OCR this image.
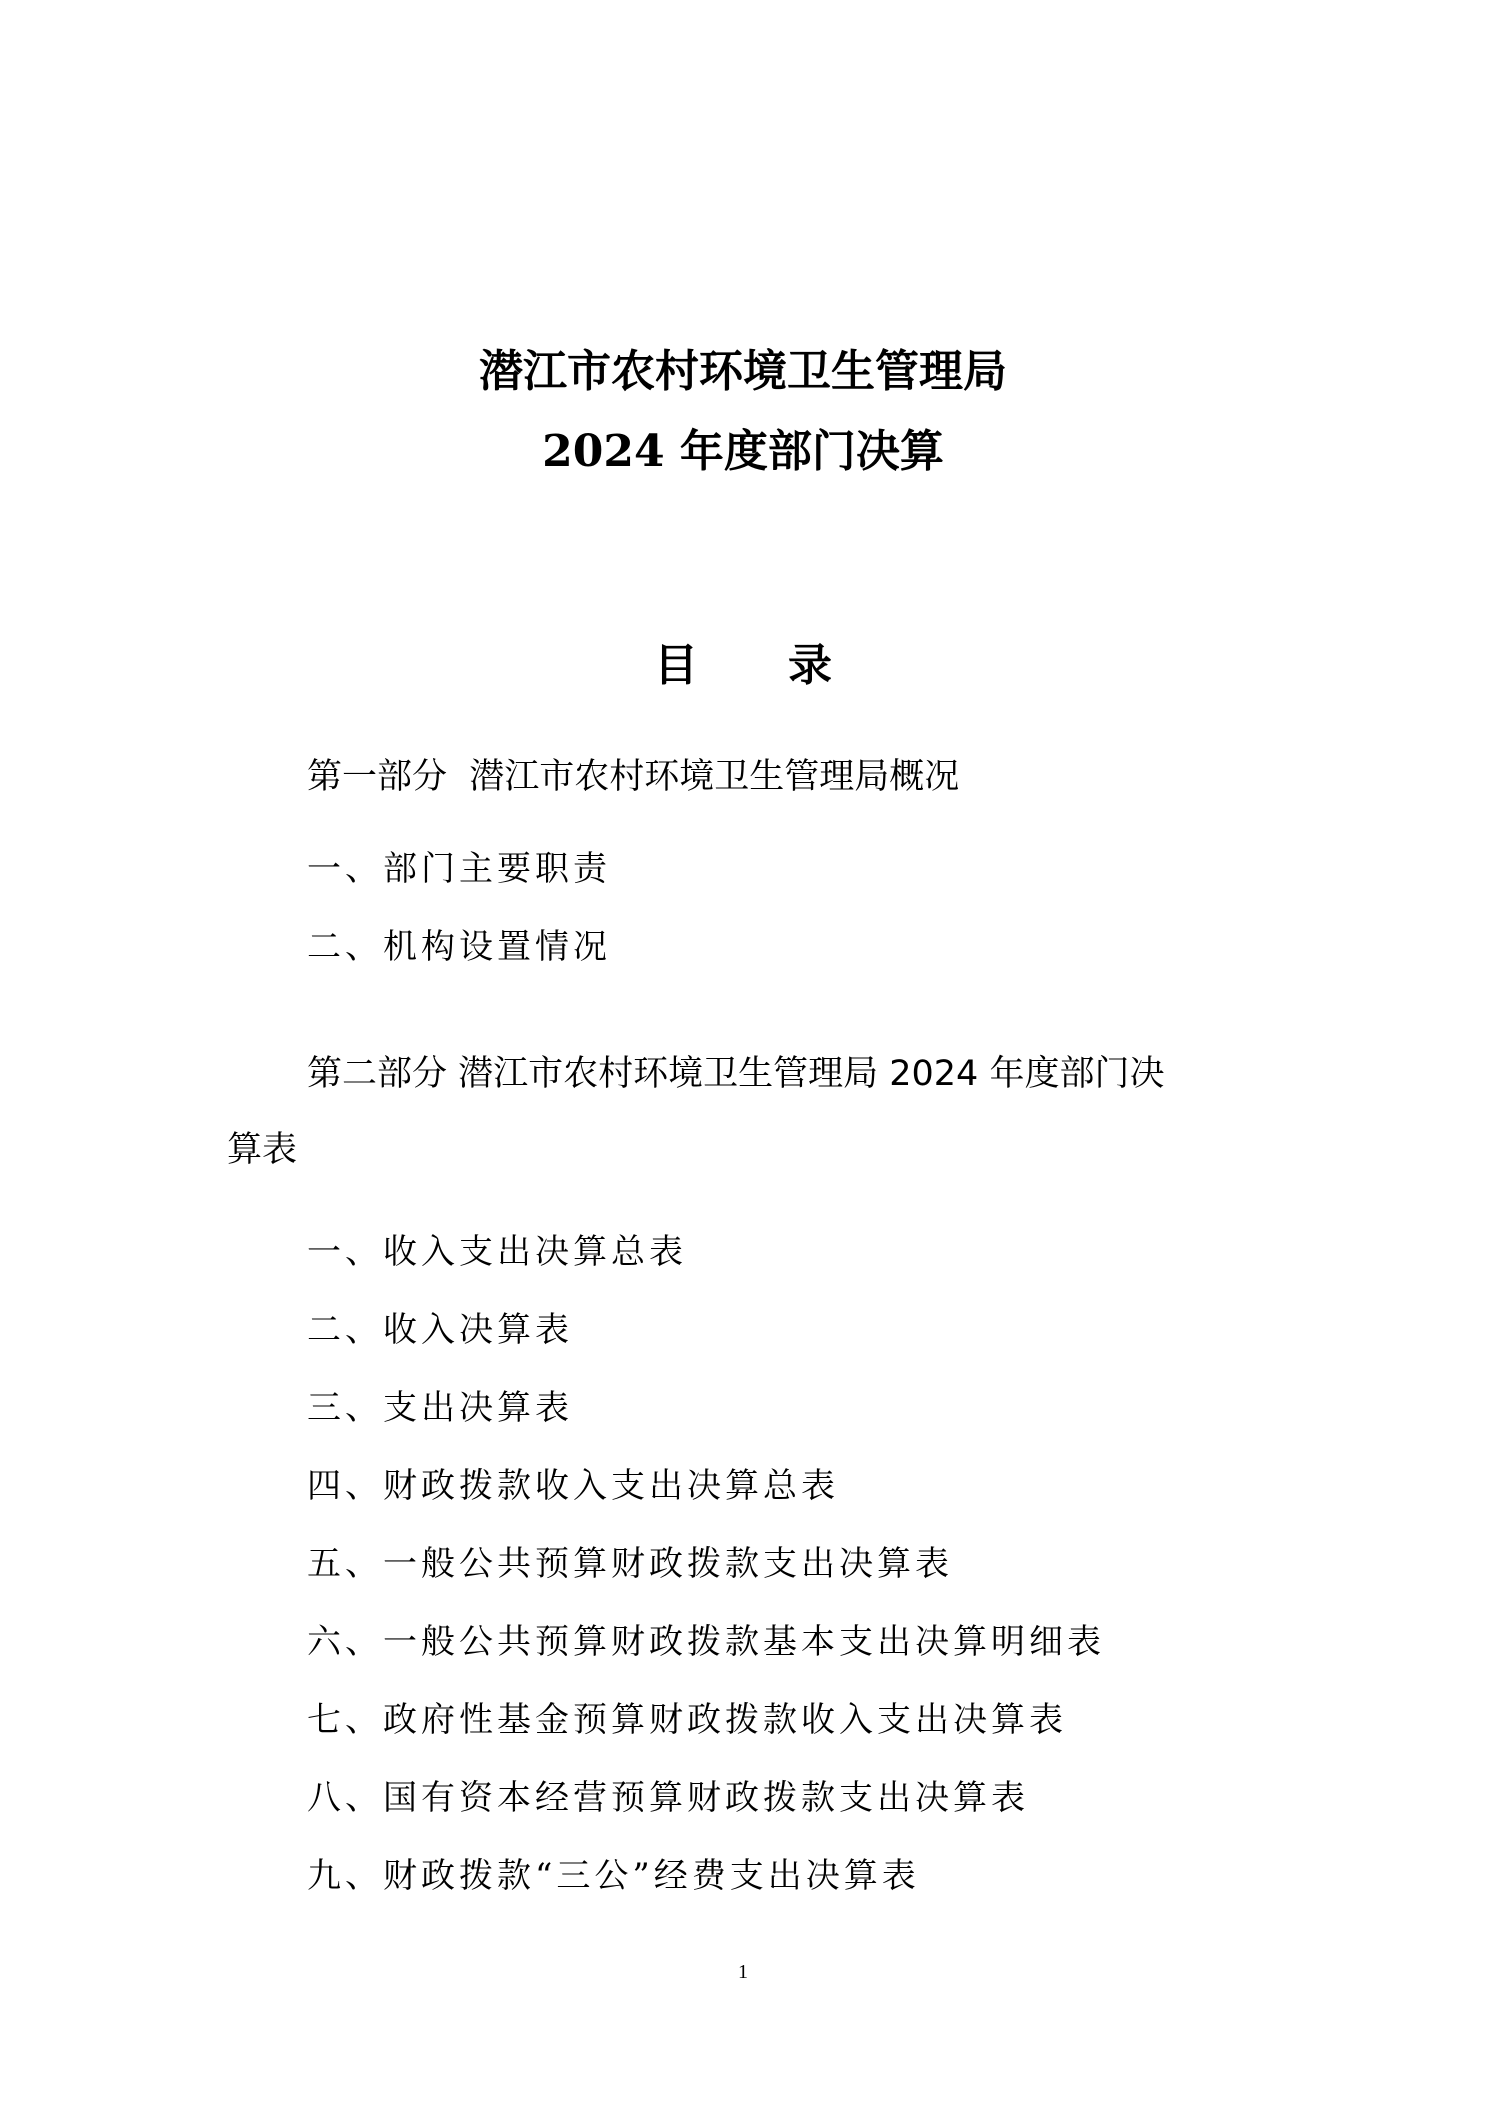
潜江市农村环境卫生管理局
2024 年度部门决算
目 录
第一部分 潜江市农村环境卫生管理局概况
一、部门主要职责
二、机构设置情况
第二部分 潜江市农村环境卫生管理局 2024 年度部门决
算表
一、收入支出决算总表
二、收入决算表
三、支出决算表
四、财政拨款收入支出决算总表
五、一般公共预算财政拨款支出决算表
六、一般公共预算财政拨款基本支出决算明细表
七、政府性基金预算财政拨款收入支出决算表
八、国有资本经营预算财政拨款支出决算表
九、财政拨款“三公”经费支出决算表
1
